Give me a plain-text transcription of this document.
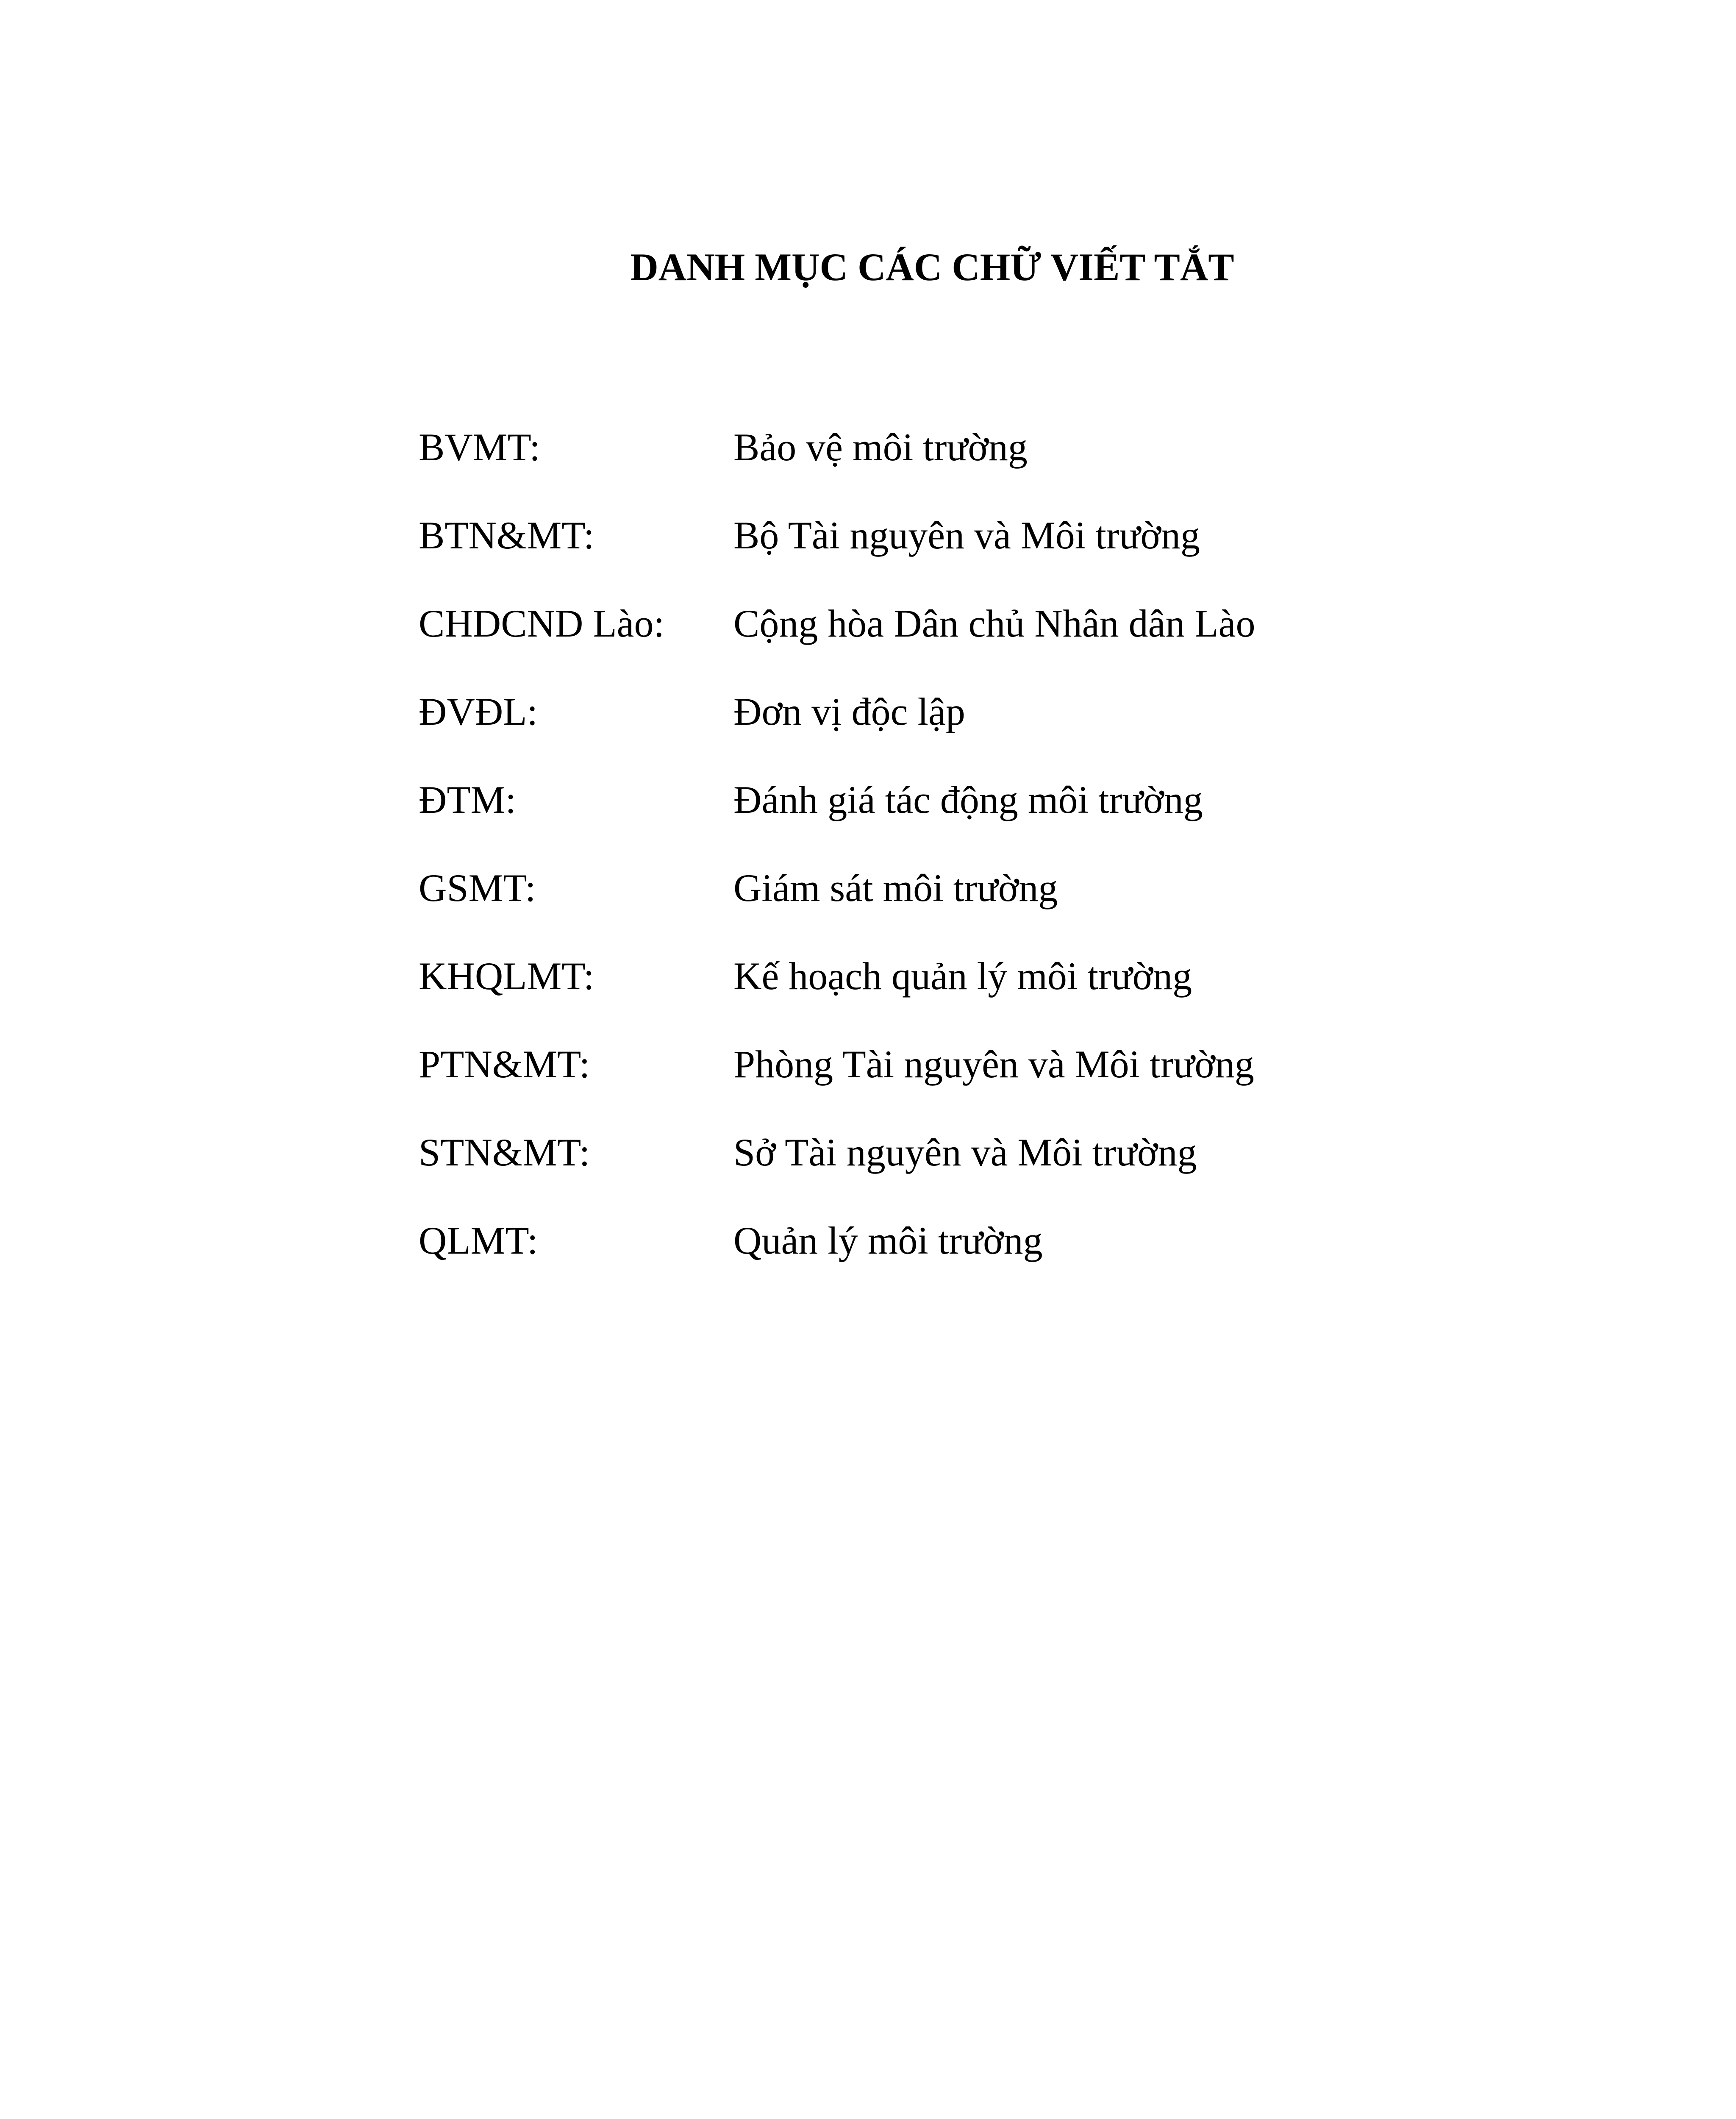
DANH MỤC CÁC CHỮ VIẾT TẮT
BVMT:	Bảo vệ môi trường
BTN&MT:	Bộ Tài nguyên và Môi trường
CHDCND Lào: Cộng hòa Dân chủ Nhân dân Lào
ĐVĐL:	Đơn vị độc lập
ĐTM:	Đánh giá tác động môi trường
GSMT:	Giám sát môi trường
KHQLMT:	Kế hoạch quản lý môi trường
PTN&MT:	Phòng Tài nguyên và Môi trường
STN&MT:	Sở Tài nguyên và Môi trường
QLMT:	Quản lý môi trường
